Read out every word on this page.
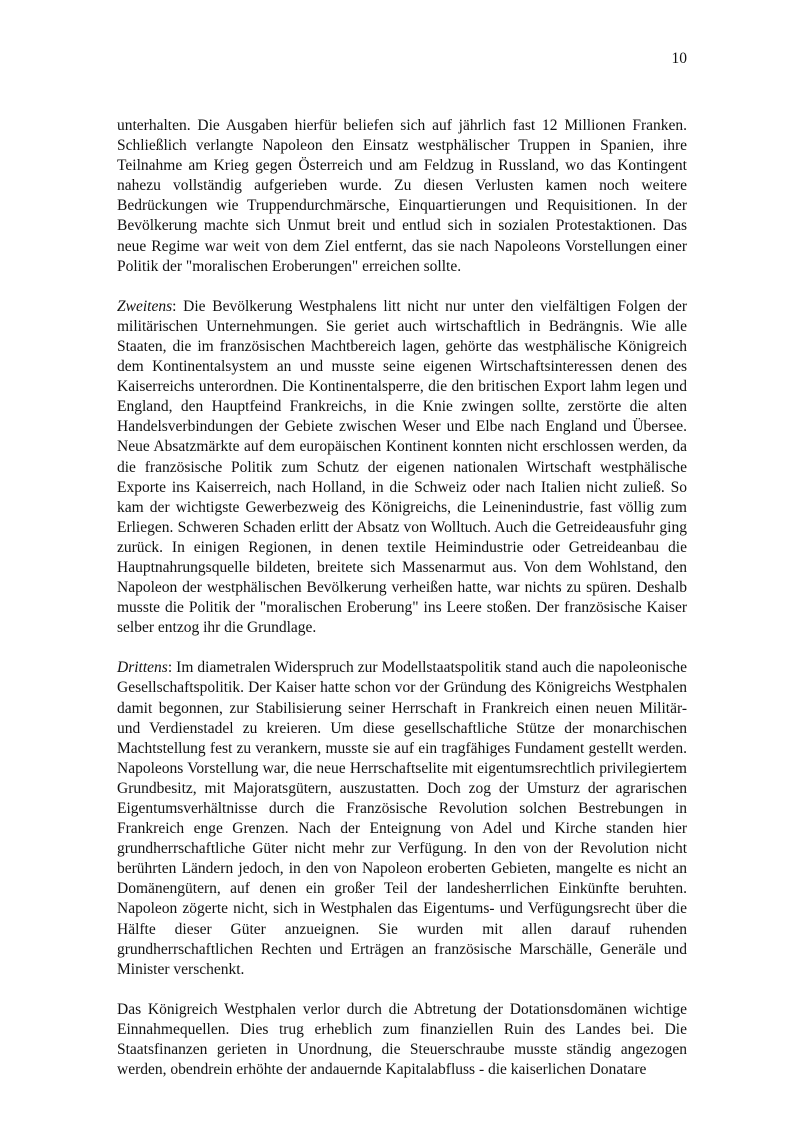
10

unterhalten. Die Ausgaben hierfür beliefen sich auf jährlich fast 12 Millionen Franken. Schließlich verlangte Napoleon den Einsatz westphälischer Truppen in Spanien, ihre Teilnahme am Krieg gegen Österreich und am Feldzug in Russland, wo das Kontingent nahezu vollständig aufgerieben wurde. Zu diesen Verlusten kamen noch weitere Bedrückungen wie Truppendurchmärsche, Einquartierungen und Requisitionen. In der Bevölkerung machte sich Unmut breit und entlud sich in sozialen Protestaktionen. Das neue Regime war weit von dem Ziel entfernt, das sie nach Napoleons Vorstellungen einer Politik der "moralischen Eroberungen" erreichen sollte.

Zweitens: Die Bevölkerung Westphalens litt nicht nur unter den vielfältigen Folgen der militärischen Unternehmungen. Sie geriet auch wirtschaftlich in Bedrängnis. Wie alle Staaten, die im französischen Machtbereich lagen, gehörte das westphälische Königreich dem Kontinentalsystem an und musste seine eigenen Wirtschaftsinteressen denen des Kaiserreichs unterordnen. Die Kontinentalsperre, die den britischen Export lahm legen und England, den Hauptfeind Frankreichs, in die Knie zwingen sollte, zerstörte die alten Handelsverbindungen der Gebiete zwischen Weser und Elbe nach England und Übersee. Neue Absatzmärkte auf dem europäischen Kontinent konnten nicht erschlossen werden, da die französische Politik zum Schutz der eigenen nationalen Wirtschaft westphälische Exporte ins Kaiserreich, nach Holland, in die Schweiz oder nach Italien nicht zuließ. So kam der wichtigste Gewerbezweig des Königreichs, die Leinenindustrie, fast völlig zum Erliegen. Schweren Schaden erlitt der Absatz von Wolltuch. Auch die Getreideausfuhr ging zurück. In einigen Regionen, in denen textile Heimindustrie oder Getreideanbau die Hauptnahrungsquelle bildeten, breitete sich Massenarmut aus. Von dem Wohlstand, den Napoleon der westphälischen Bevölkerung verheißen hatte, war nichts zu spüren. Deshalb musste die Politik der "moralischen Eroberung" ins Leere stoßen. Der französische Kaiser selber entzog ihr die Grundlage.

Drittens: Im diametralen Widerspruch zur Modellstaatspolitik stand auch die napoleonische Gesellschaftspolitik. Der Kaiser hatte schon vor der Gründung des Königreichs Westphalen damit begonnen, zur Stabilisierung seiner Herrschaft in Frankreich einen neuen Militär- und Verdienstadel zu kreieren. Um diese gesellschaftliche Stütze der monarchischen Machtstellung fest zu verankern, musste sie auf ein tragfähiges Fundament gestellt werden. Napoleons Vorstellung war, die neue Herrschaftselite mit eigentumsrechtlich privilegiertem Grundbesitz, mit Majoratsgütern, auszustatten. Doch zog der Umsturz der agrarischen Eigentumsverhältnisse durch die Französische Revolution solchen Bestrebungen in Frankreich enge Grenzen. Nach der Enteignung von Adel und Kirche standen hier grundherrschaftliche Güter nicht mehr zur Verfügung. In den von der Revolution nicht berührten Ländern jedoch, in den von Napoleon eroberten Gebieten, mangelte es nicht an Domänengütern, auf denen ein großer Teil der landesherrlichen Einkünfte beruhten. Napoleon zögerte nicht, sich in Westphalen das Eigentums- und Verfügungsrecht über die Hälfte dieser Güter anzueignen. Sie wurden mit allen darauf ruhenden grundherrschaftlichen Rechten und Erträgen an französische Marschälle, Generäle und Minister verschenkt.

Das Königreich Westphalen verlor durch die Abtretung der Dotationsdomänen wichtige Einnahmequellen. Dies trug erheblich zum finanziellen Ruin des Landes bei. Die Staatsfinanzen gerieten in Unordnung, die Steuerschraube musste ständig angezogen werden, obendrein erhöhte der andauernde Kapitalabfluss - die kaiserlichen Donatare
